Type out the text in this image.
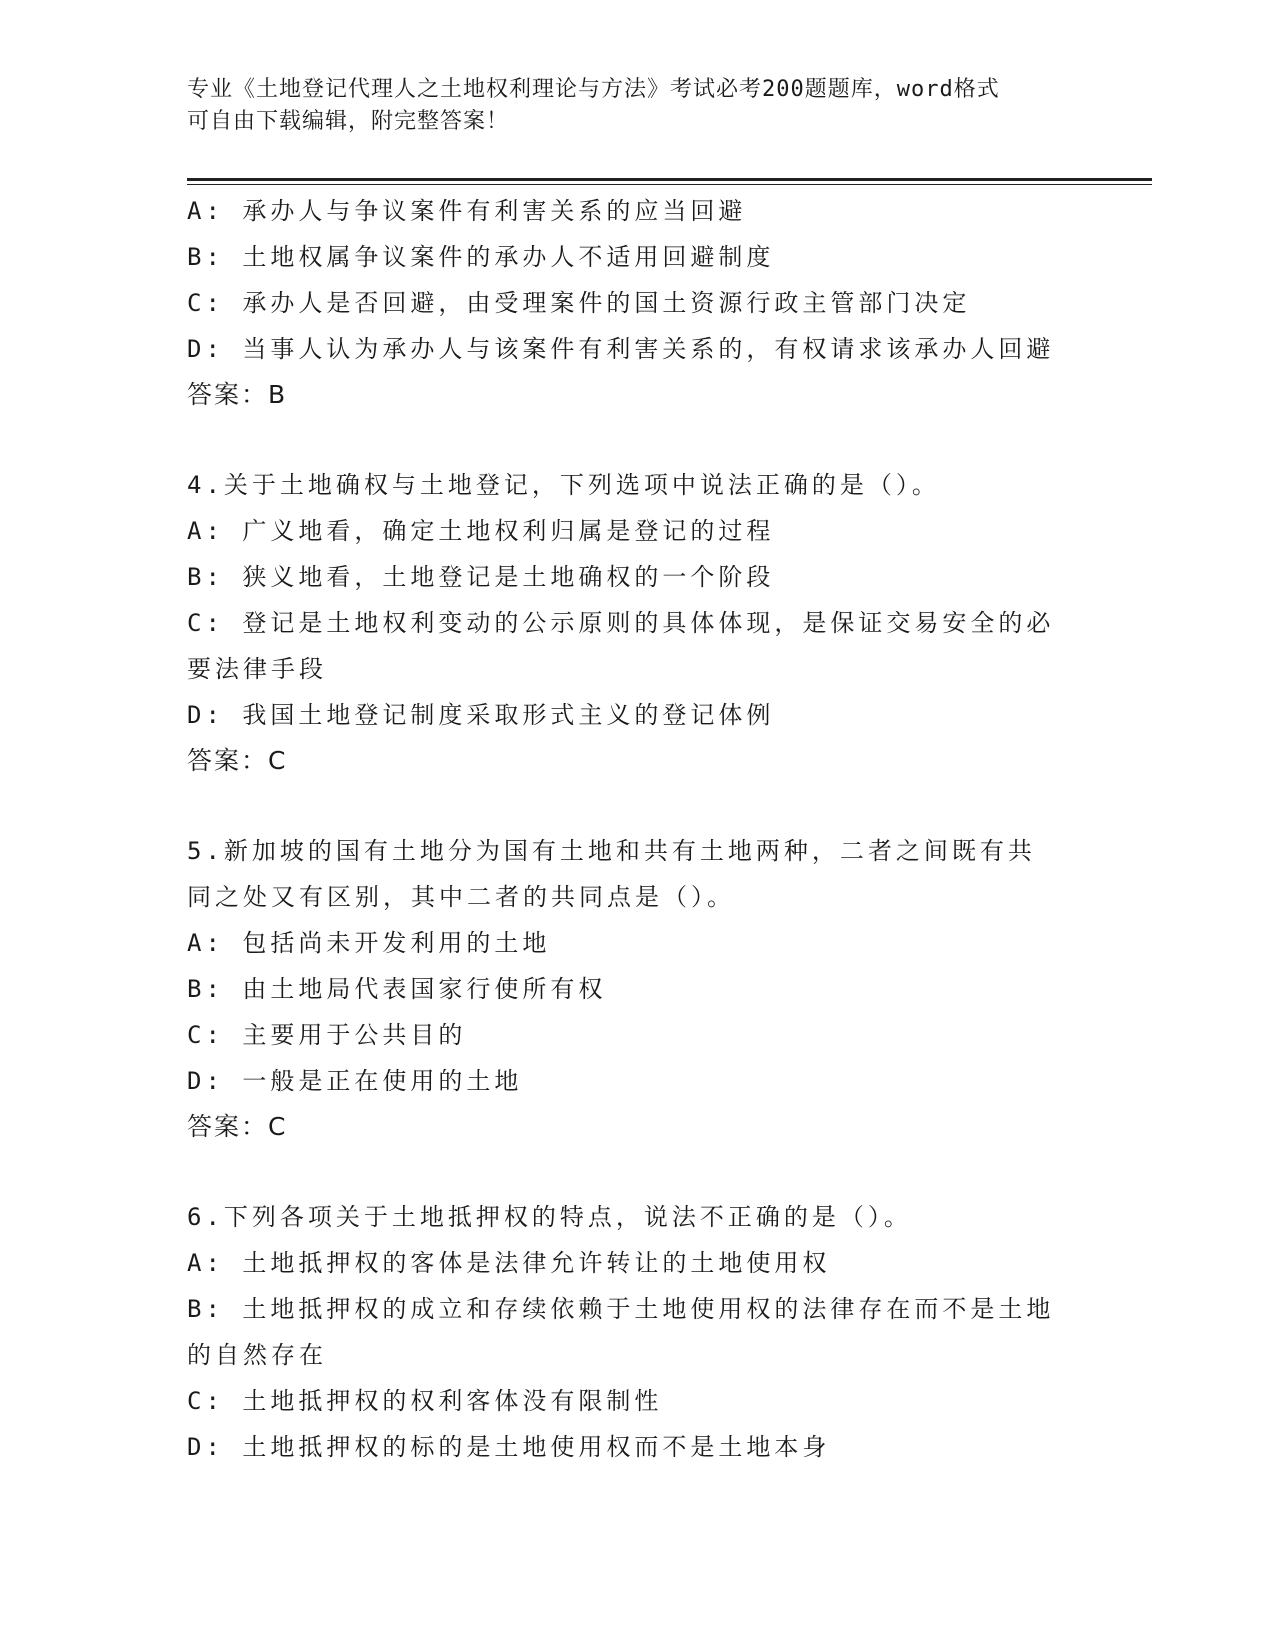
专业《土地登记代理人之土地权利理论与方法》考试必考200题题库，word格式
可自由下载编辑，附完整答案！
A: 承办人与争议案件有利害关系的应当回避
B: 土地权属争议案件的承办人不适用回避制度
C: 承办人是否回避，由受理案件的国土资源行政主管部门决定
D: 当事人认为承办人与该案件有利害关系的，有权请求该承办人回避
答案：B
4.关于土地确权与土地登记，下列选项中说法正确的是（）。
A: 广义地看，确定土地权利归属是登记的过程
B: 狭义地看，土地登记是土地确权的一个阶段
C: 登记是土地权利变动的公示原则的具体体现，是保证交易安全的必
要法律手段
D: 我国土地登记制度采取形式主义的登记体例
答案：C
5.新加坡的国有土地分为国有土地和共有土地两种，二者之间既有共
同之处又有区别，其中二者的共同点是（）。
A: 包括尚未开发利用的土地
B: 由土地局代表国家行使所有权
C: 主要用于公共目的
D: 一般是正在使用的土地
答案：C
6.下列各项关于土地抵押权的特点，说法不正确的是（）。
A: 土地抵押权的客体是法律允许转让的土地使用权
B: 土地抵押权的成立和存续依赖于土地使用权的法律存在而不是土地
的自然存在
C: 土地抵押权的权利客体没有限制性
D: 土地抵押权的标的是土地使用权而不是土地本身
